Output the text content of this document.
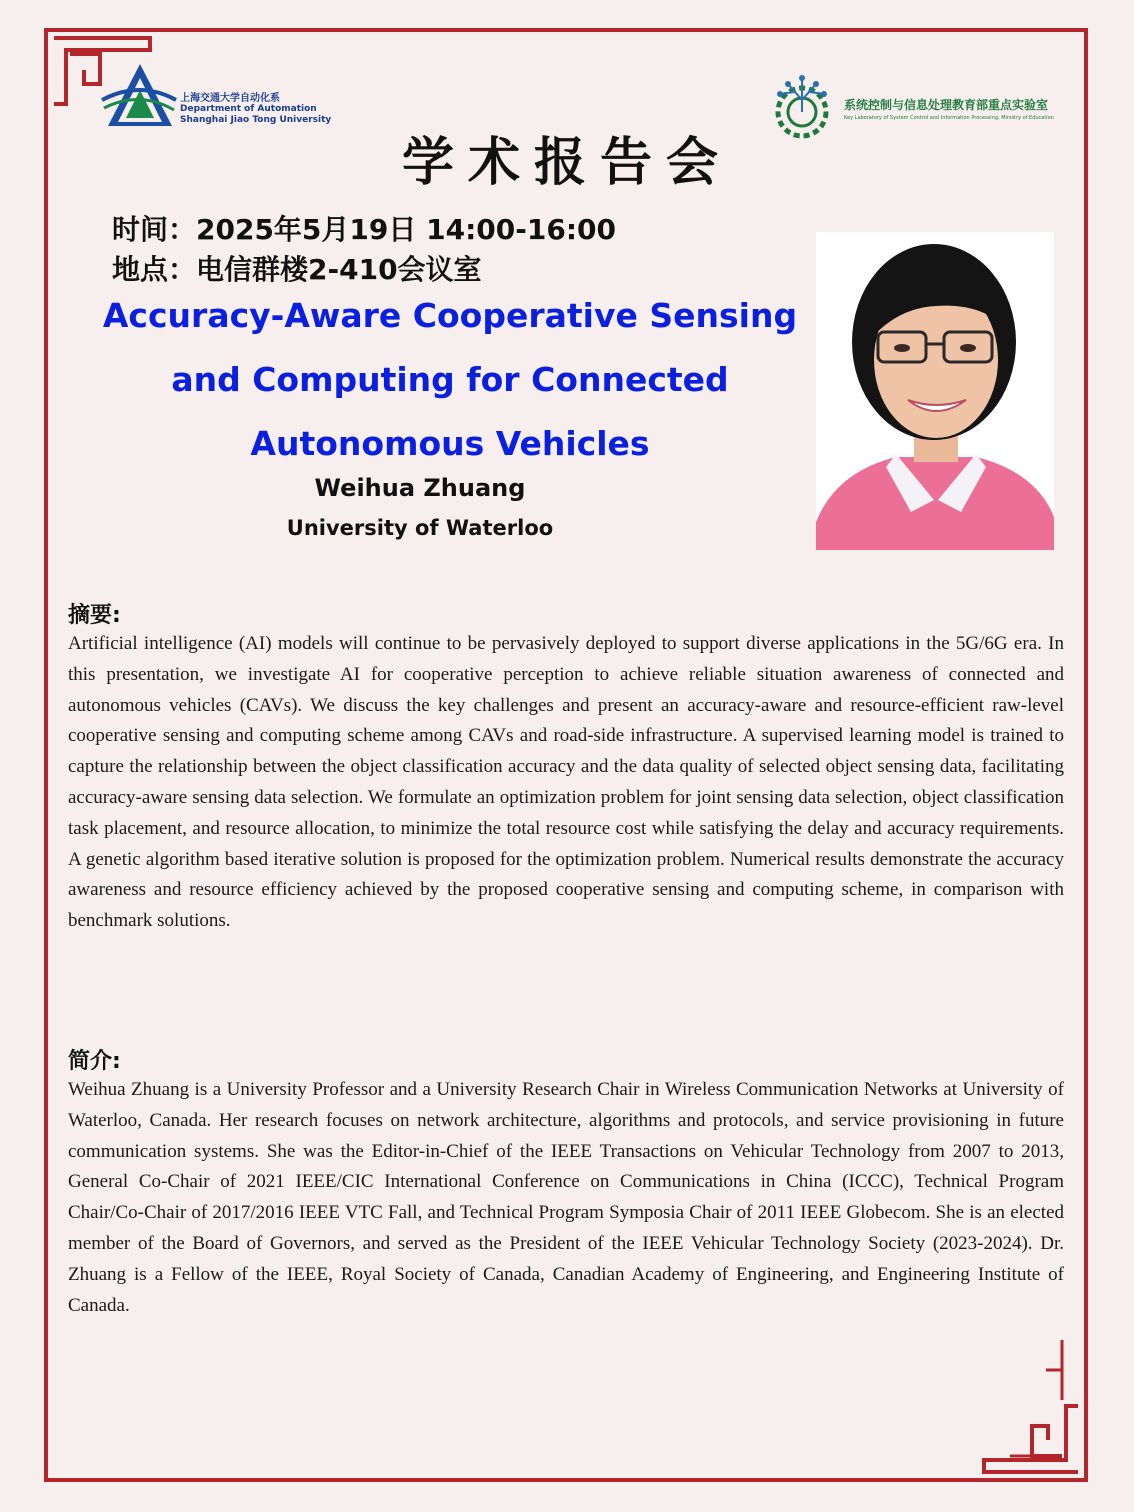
上海交通大学自动化系
Department of Automation
Shanghai Jiao Tong University
系统控制与信息处理教育部重点实验室
Key Laboratory of System Control and Information Processing, Ministry of Education
学术报告会
时间：2025年5月19日 14:00-16:00
地点：电信群楼2-410会议室
Accuracy-Aware Cooperative Sensing and Computing for Connected Autonomous Vehicles
Weihua Zhuang
University of Waterloo
摘要:

Artificial intelligence (AI) models will continue to be pervasively deployed to support diverse applications in the 5G/6G era. In this presentation, we investigate AI for cooperative perception to achieve reliable situation awareness of connected and autonomous vehicles (CAVs). We discuss the key challenges and present an accuracy-aware and resource-efficient raw-level cooperative sensing and computing scheme among CAVs and road-side infrastructure. A supervised learning model is trained to capture the relationship between the object classification accuracy and the data quality of selected object sensing data, facilitating accuracy-aware sensing data selection. We formulate an optimization problem for joint sensing data selection, object classification task placement, and resource allocation, to minimize the total resource cost while satisfying the delay and accuracy requirements. A genetic algorithm based iterative solution is proposed for the optimization problem. Numerical results demonstrate the accuracy awareness and resource efficiency achieved by the proposed cooperative sensing and computing scheme, in comparison with benchmark solutions.

简介:

Weihua Zhuang is a University Professor and a University Research Chair in Wireless Communication Networks at University of Waterloo, Canada. Her research focuses on network architecture, algorithms and protocols, and service provisioning in future communication systems. She was the Editor-in-Chief of the IEEE Transactions on Vehicular Technology from 2007 to 2013, General Co-Chair of 2021 IEEE/CIC International Conference on Communications in China (ICCC), Technical Program Chair/Co-Chair of 2017/2016 IEEE VTC Fall, and Technical Program Symposia Chair of 2011 IEEE Globecom. She is an elected member of the Board of Governors, and served as the President of the IEEE Vehicular Technology Society (2023-2024). Dr. Zhuang is a Fellow of the IEEE, Royal Society of Canada, Canadian Academy of Engineering, and Engineering Institute of Canada.
